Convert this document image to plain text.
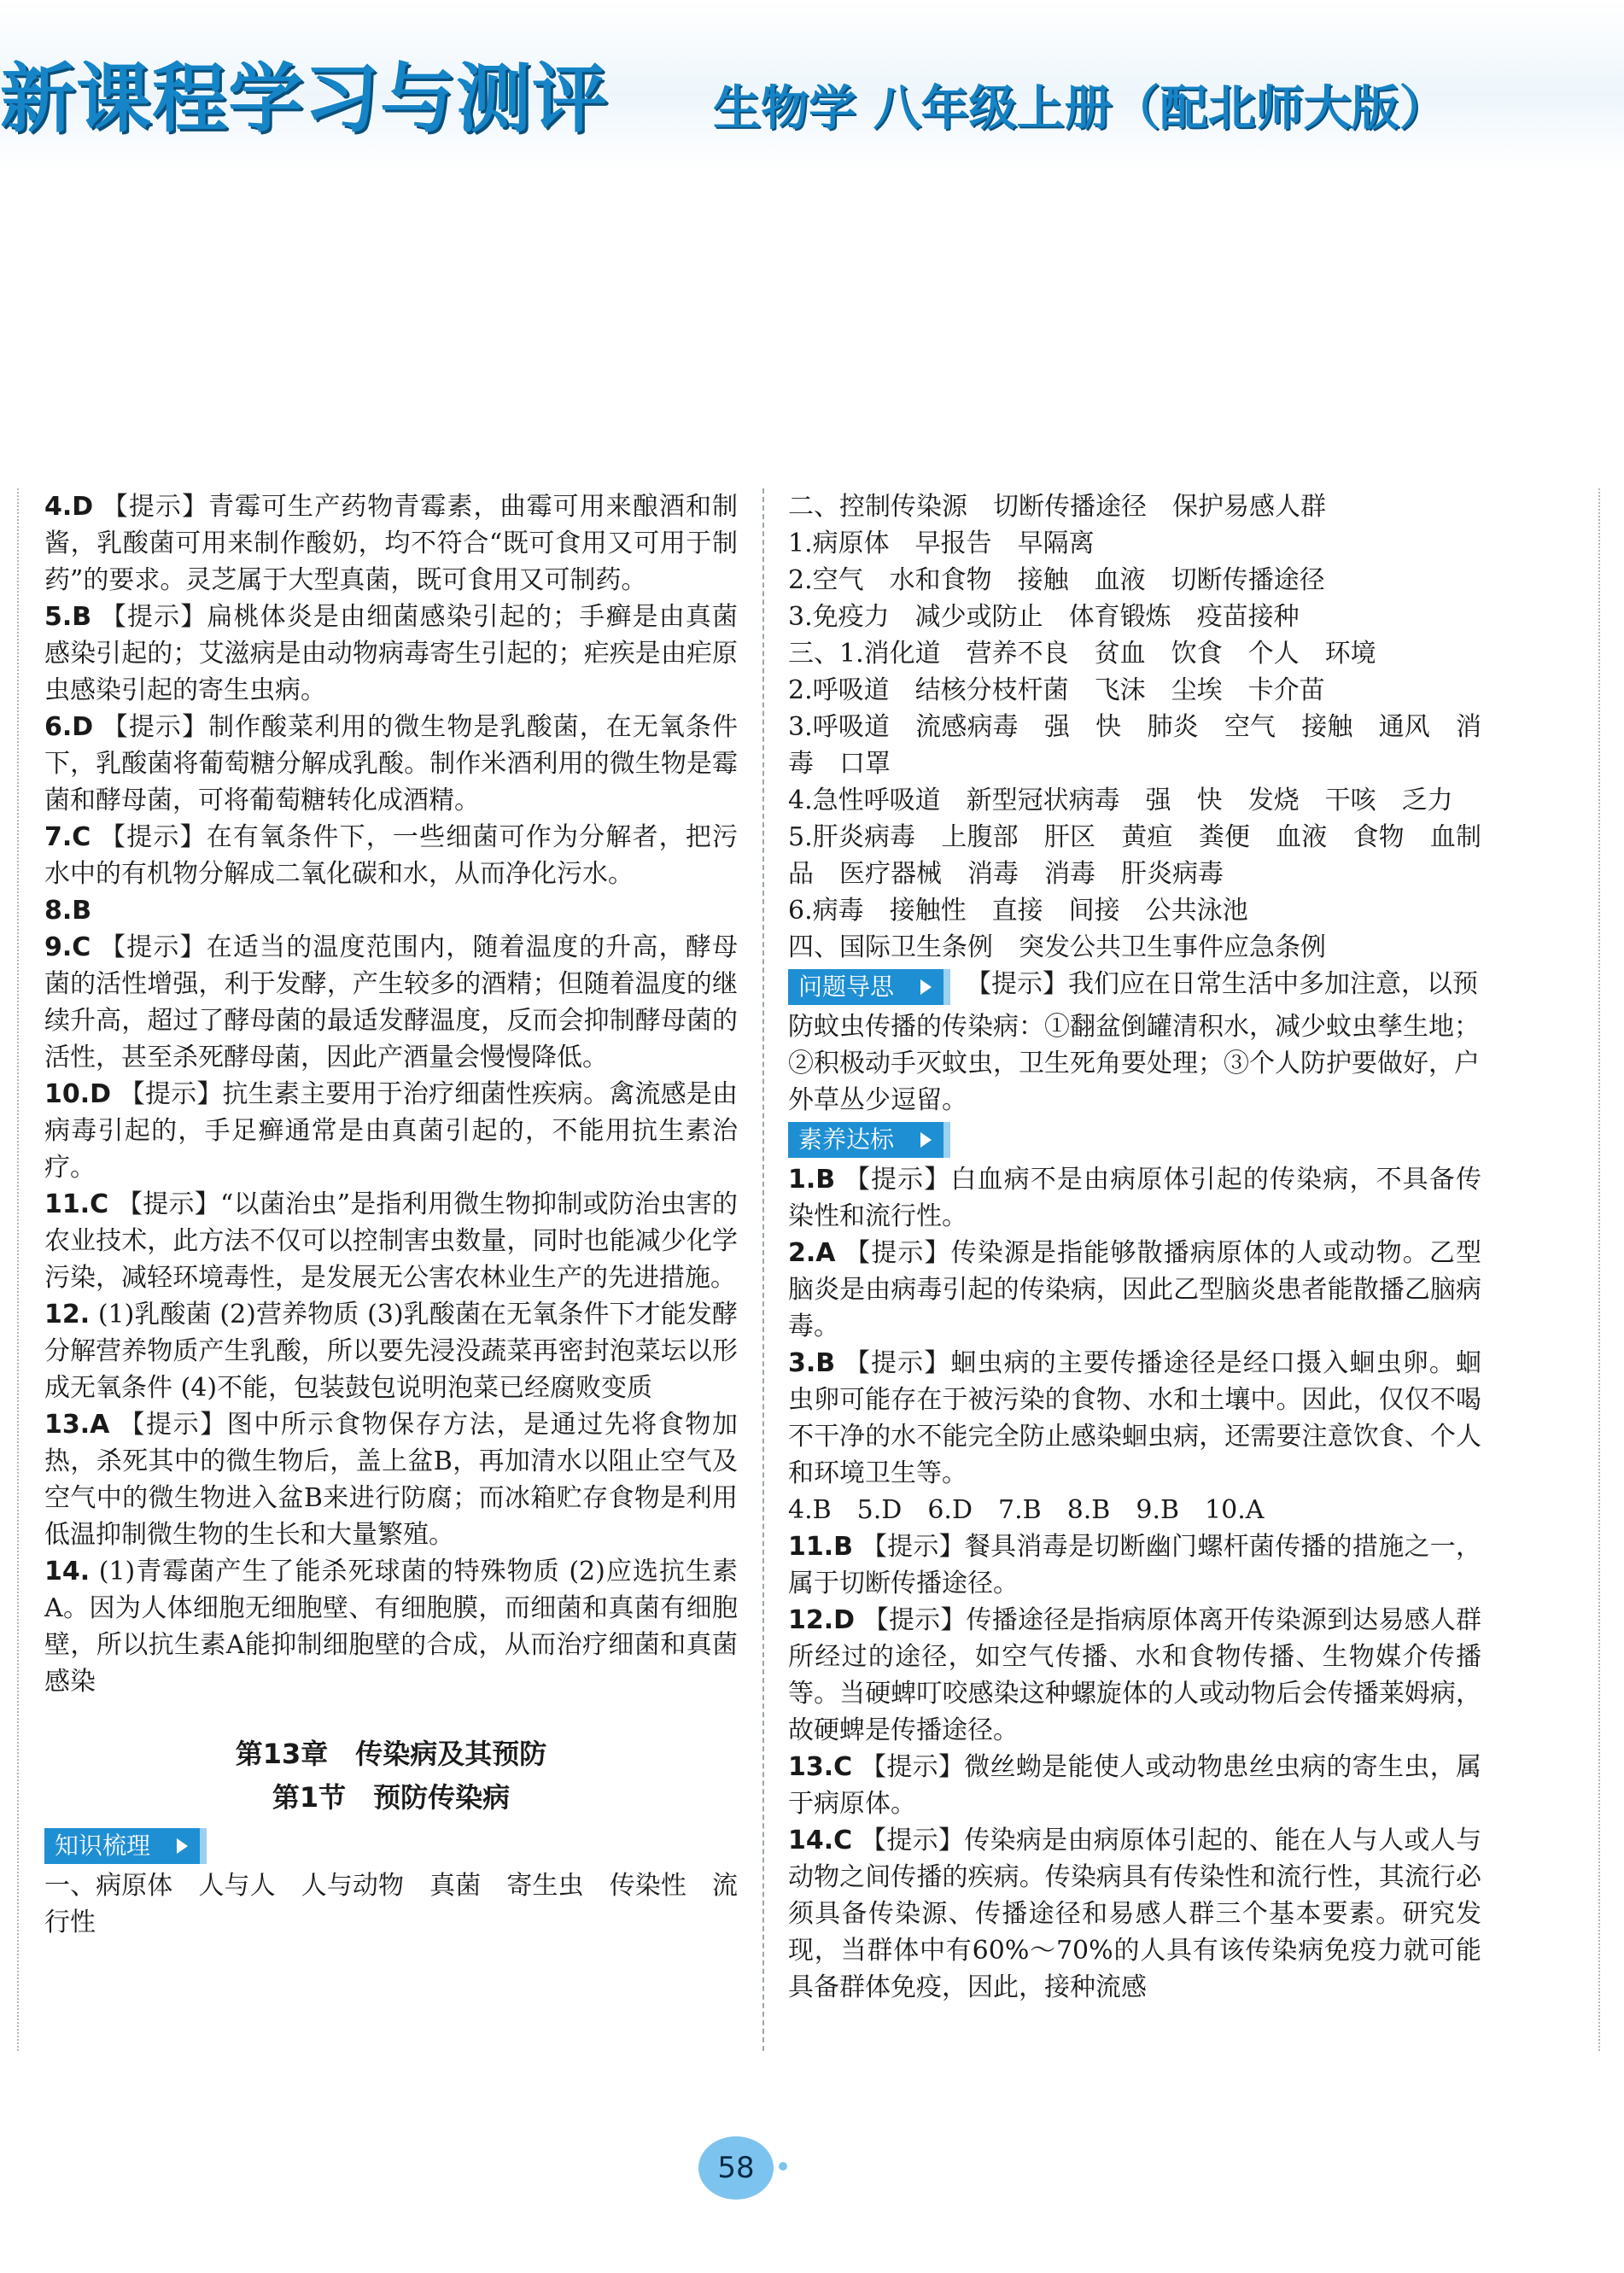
新课程学习与测评 生物学 八年级上册（配北师大版）

4.D 【提示】青霉可生产药物青霉素，曲霉可用来酿酒和制酱，乳酸菌可用来制作酸奶，均不符合“既可食用又可用于制药”的要求。灵芝属于大型真菌，既可食用又可制药。

5.B 【提示】扁桃体炎是由细菌感染引起的；手癣是由真菌感染引起的；艾滋病是由动物病毒寄生引起的；疟疾是由疟原虫感染引起的寄生虫病。

6.D 【提示】制作酸菜利用的微生物是乳酸菌，在无氧条件下，乳酸菌将葡萄糖分解成乳酸。制作米酒利用的微生物是霉菌和酵母菌，可将葡萄糖转化成酒精。

7.C 【提示】在有氧条件下，一些细菌可作为分解者，把污水中的有机物分解成二氧化碳和水，从而净化污水。

8.B

9.C 【提示】在适当的温度范围内，随着温度的升高，酵母菌的活性增强，利于发酵，产生较多的酒精；但随着温度的继续升高，超过了酵母菌的最适发酵温度，反而会抑制酵母菌的活性，甚至杀死酵母菌，因此产酒量会慢慢降低。

10.D 【提示】抗生素主要用于治疗细菌性疾病。禽流感是由病毒引起的，手足癣通常是由真菌引起的，不能用抗生素治疗。

11.C 【提示】“以菌治虫”是指利用微生物抑制或防治虫害的农业技术，此方法不仅可以控制害虫数量，同时也能减少化学污染，减轻环境毒性，是发展无公害农林业生产的先进措施。

12. (1)乳酸菌 (2)营养物质 (3)乳酸菌在无氧条件下才能发酵分解营养物质产生乳酸，所以要先浸没蔬菜再密封泡菜坛以形成无氧条件 (4)不能，包装鼓包说明泡菜已经腐败变质

13.A 【提示】图中所示食物保存方法，是通过先将食物加热，杀死其中的微生物后，盖上盆B，再加清水以阻止空气及空气中的微生物进入盆B来进行防腐；而冰箱贮存食物是利用低温抑制微生物的生长和大量繁殖。

14. (1)青霉菌产生了能杀死球菌的特殊物质 (2)应选抗生素A。因为人体细胞无细胞壁、有细胞膜，而细菌和真菌有细胞壁，所以抗生素A能抑制细胞壁的合成，从而治疗细菌和真菌感染

第13章　传染病及其预防
第1节　预防传染病
知识梳理

一、病原体　人与人　人与动物　真菌　寄生虫　传染性　流行性

二、控制传染源　切断传播途径　保护易感人群

1.病原体　早报告　早隔离

2.空气　水和食物　接触　血液　切断传播途径

3.免疫力　减少或防止　体育锻炼　疫苗接种

三、1.消化道　营养不良　贫血　饮食　个人　环境

2.呼吸道　结核分枝杆菌　飞沫　尘埃　卡介苗

3.呼吸道　流感病毒　强　快　肺炎　空气　接触　通风　消毒　口罩

4.急性呼吸道　新型冠状病毒　强　快　发烧　干咳　乏力

5.肝炎病毒　上腹部　肝区　黄疸　粪便　血液　食物　血制品　医疗器械　消毒　消毒　肝炎病毒

6.病毒　接触性　直接　间接　公共泳池

四、国际卫生条例　突发公共卫生事件应急条例

问题导思	【提示】我们应在日常生活中多加注意，以预防蚊虫传播的传染病：①翻盆倒罐清积水，减少蚊虫孳生地；②积极动手灭蚊虫，卫生死角要处理；③个人防护要做好，户外草丛少逗留。

素养达标

1.B 【提示】白血病不是由病原体引起的传染病，不具备传染性和流行性。

2.A 【提示】传染源是指能够散播病原体的人或动物。乙型脑炎是由病毒引起的传染病，因此乙型脑炎患者能散播乙脑病毒。

3.B 【提示】蛔虫病的主要传播途径是经口摄入蛔虫卵。蛔虫卵可能存在于被污染的食物、水和土壤中。因此，仅仅不喝不干净的水不能完全防止感染蛔虫病，还需要注意饮食、个人和环境卫生等。

4.B　5.D　6.D　7.B　8.B　9.B　10.A

11.B 【提示】餐具消毒是切断幽门螺杆菌传播的措施之一，属于切断传播途径。

12.D 【提示】传播途径是指病原体离开传染源到达易感人群所经过的途径，如空气传播、水和食物传播、生物媒介传播等。当硬蜱叮咬感染这种螺旋体的人或动物后会传播莱姆病，故硬蜱是传播途径。

13.C 【提示】微丝蚴是能使人或动物患丝虫病的寄生虫，属于病原体。

14.C 【提示】传染病是由病原体引起的、能在人与人或人与动物之间传播的疾病。传染病具有传染性和流行性，其流行必须具备传染源、传播途径和易感人群三个基本要素。研究发现，当群体中有60%～70%的人具有该传染病免疫力就可能具备群体免疫，因此，接种流感

58
